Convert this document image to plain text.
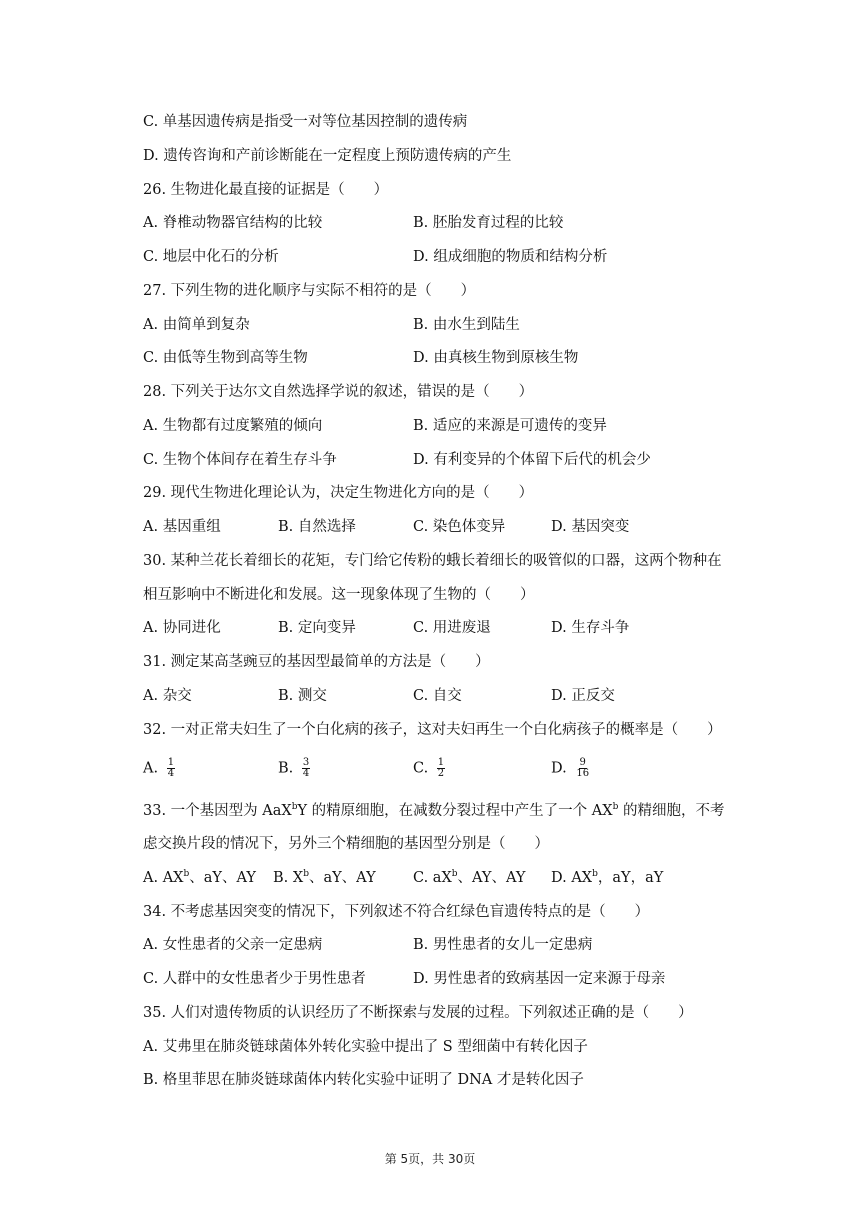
C. 单基因遗传病是指受一对等位基因控制的遗传病
D. 遗传咨询和产前诊断能在一定程度上预防遗传病的产生
26. 生物进化最直接的证据是（　　）
A. 脊椎动物器官结构的比较	B. 胚胎发育过程的比较
C. 地层中化石的分析	D. 组成细胞的物质和结构分析
27. 下列生物的进化顺序与实际不相符的是（　　）
A. 由简单到复杂	B. 由水生到陆生
C. 由低等生物到高等生物	D. 由真核生物到原核生物
28. 下列关于达尔文自然选择学说的叙述，错误的是（　　）
A. 生物都有过度繁殖的倾向	B. 适应的来源是可遗传的变异
C. 生物个体间存在着生存斗争	D. 有利变异的个体留下后代的机会少
29. 现代生物进化理论认为，决定生物进化方向的是（　　）
A. 基因重组	B. 自然选择	C. 染色体变异	D. 基因突变
30. 某种兰花长着细长的花矩，专门给它传粉的蛾长着细长的吸管似的口器，这两个物种在
相互影响中不断进化和发展。这一现象体现了生物的（　　）
A. 协同进化	B. 定向变异	C. 用进废退	D. 生存斗争
31. 测定某高茎豌豆的基因型最简单的方法是（　　）
A. 杂交	B. 测交	C. 自交	D. 正反交
32. 一对正常夫妇生了一个白化病的孩子，这对夫妇再生一个白化病孩子的概率是（　　）
A. $\frac{1}{4}$	B. $\frac{3}{4}$	C. $\frac{1}{2}$	D. $\frac{9}{16}$
33. 一个基因型为 AaX$^b$Y 的精原细胞，在减数分裂过程中产生了一个 $AX^b$ 的精细胞，不考
虑交换片段的情况下，另外三个精细胞的基因型分别是（　　）
A. $AX^b$、aY、AY B. $X^b$、aY、AY	C. $aX^b$、AY、AY D. $AX^b$，aY，aY
34. 不考虑基因突变的情况下，下列叙述不符合红绿色盲遗传特点的是（　　）
A. 女性患者的父亲一定患病	B. 男性患者的女儿一定患病
C. 人群中的女性患者少于男性患者	D. 男性患者的致病基因一定来源于母亲
35. 人们对遗传物质的认识经历了不断探索与发展的过程。下列叙述正确的是（　　）
A. 艾弗里在肺炎链球菌体外转化实验中提出了 S 型细菌中有转化因子
B. 格里菲思在肺炎链球菌体内转化实验中证明了 DNA 才是转化因子
第 5页，共 30页
